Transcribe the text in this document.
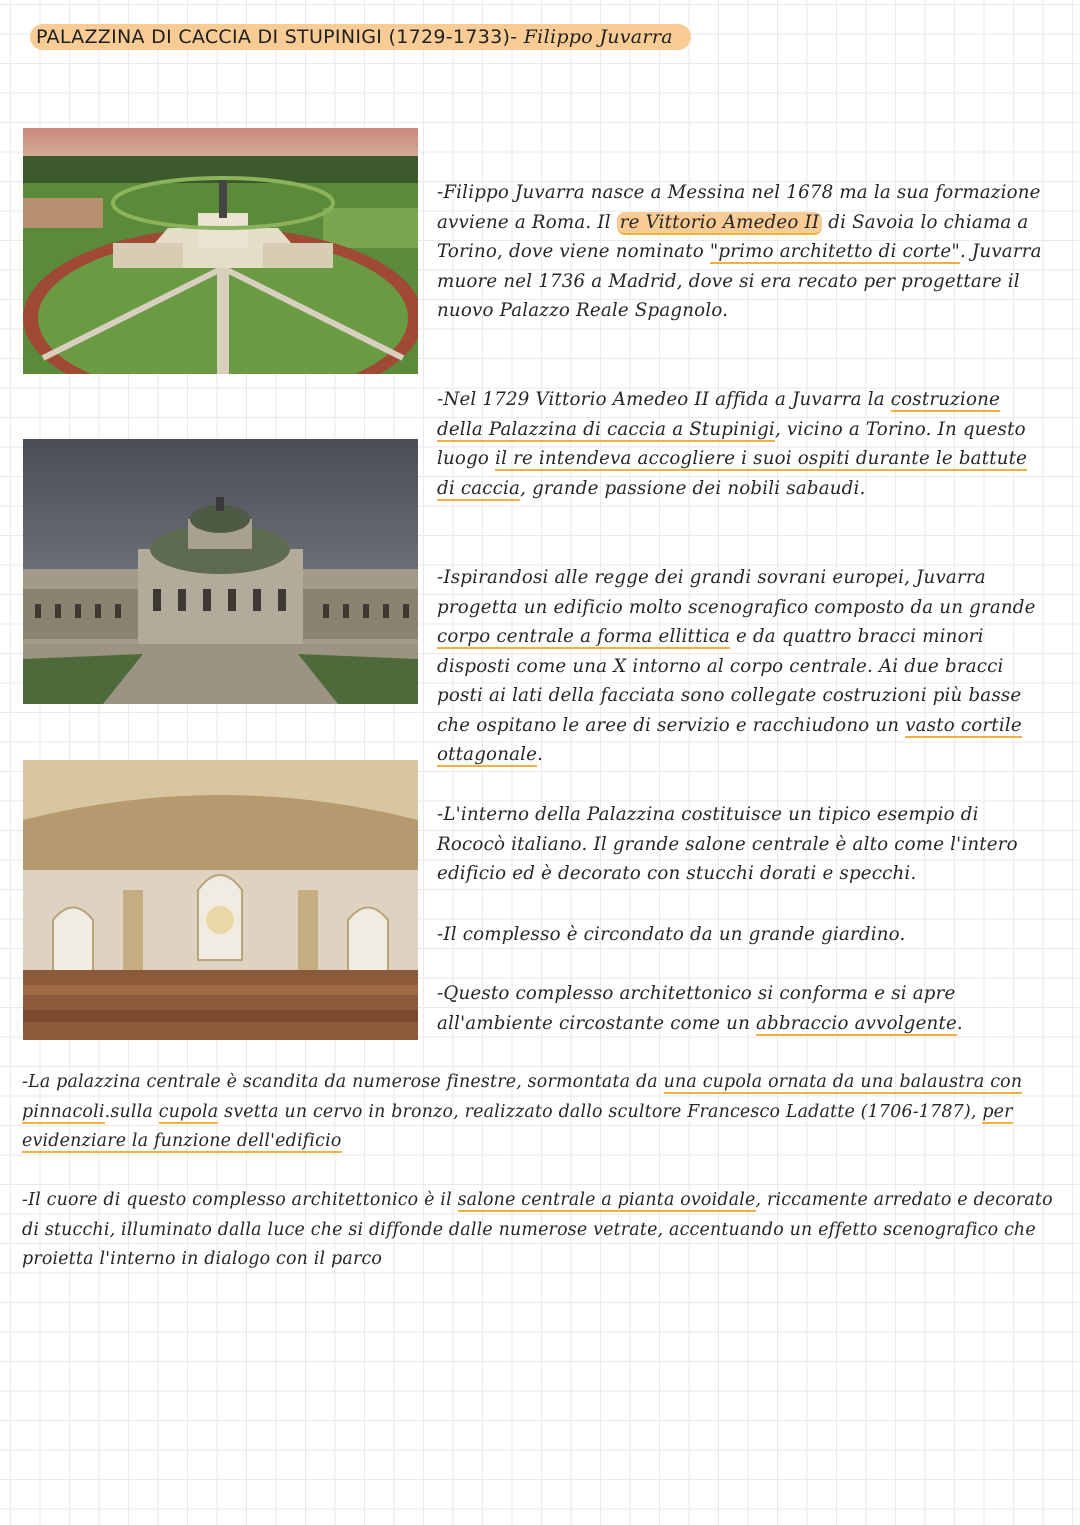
PALAZZINA DI CACCIA DI STUPINIGI (1729-1733)- Filippo Juvarra

-Filippo Juvarra nasce a Messina nel 1678 ma la sua formazione avviene a Roma. Il re Vittorio Amedeo II di Savoia lo chiama a Torino, dove viene nominato "primo architetto di corte". Juvarra muore nel 1736 a Madrid, dove si era recato per progettare il nuovo Palazzo Reale Spagnolo.

-Nel 1729 Vittorio Amedeo II affida a Juvarra la costruzione della Palazzina di caccia a Stupinigi, vicino a Torino. In questo luogo il re intendeva accogliere i suoi ospiti durante le battute di caccia, grande passione dei nobili sabaudi.

-Ispirandosi alle regge dei grandi sovrani europei, Juvarra progetta un edificio molto scenografico composto da un grande corpo centrale a forma ellittica e da quattro bracci minori disposti come una X intorno al corpo centrale. Ai due bracci posti ai lati della facciata sono collegate costruzioni più basse che ospitano le aree di servizio e racchiudono un vasto cortile ottagonale.

-L'interno della Palazzina costituisce un tipico esempio di Rococò italiano. Il grande salone centrale è alto come l'intero edificio ed è decorato con stucchi dorati e specchi.

-Il complesso è circondato da un grande giardino.

-Questo complesso architettonico si conforma e si apre all'ambiente circostante come un abbraccio avvolgente.

-La palazzina centrale è scandita da numerose finestre, sormontata da una cupola ornata da una balaustra con pinnacoli.sulla cupola svetta un cervo in bronzo, realizzato dallo scultore Francesco Ladatte (1706-1787), per evidenziare la funzione dell'edificio

-Il cuore di questo complesso architettonico è il salone centrale a pianta ovoidale, riccamente arredato e decorato di stucchi, illuminato dalla luce che si diffonde dalle numerose vetrate, accentuando un effetto scenografico che proietta l'interno in dialogo con il parco
